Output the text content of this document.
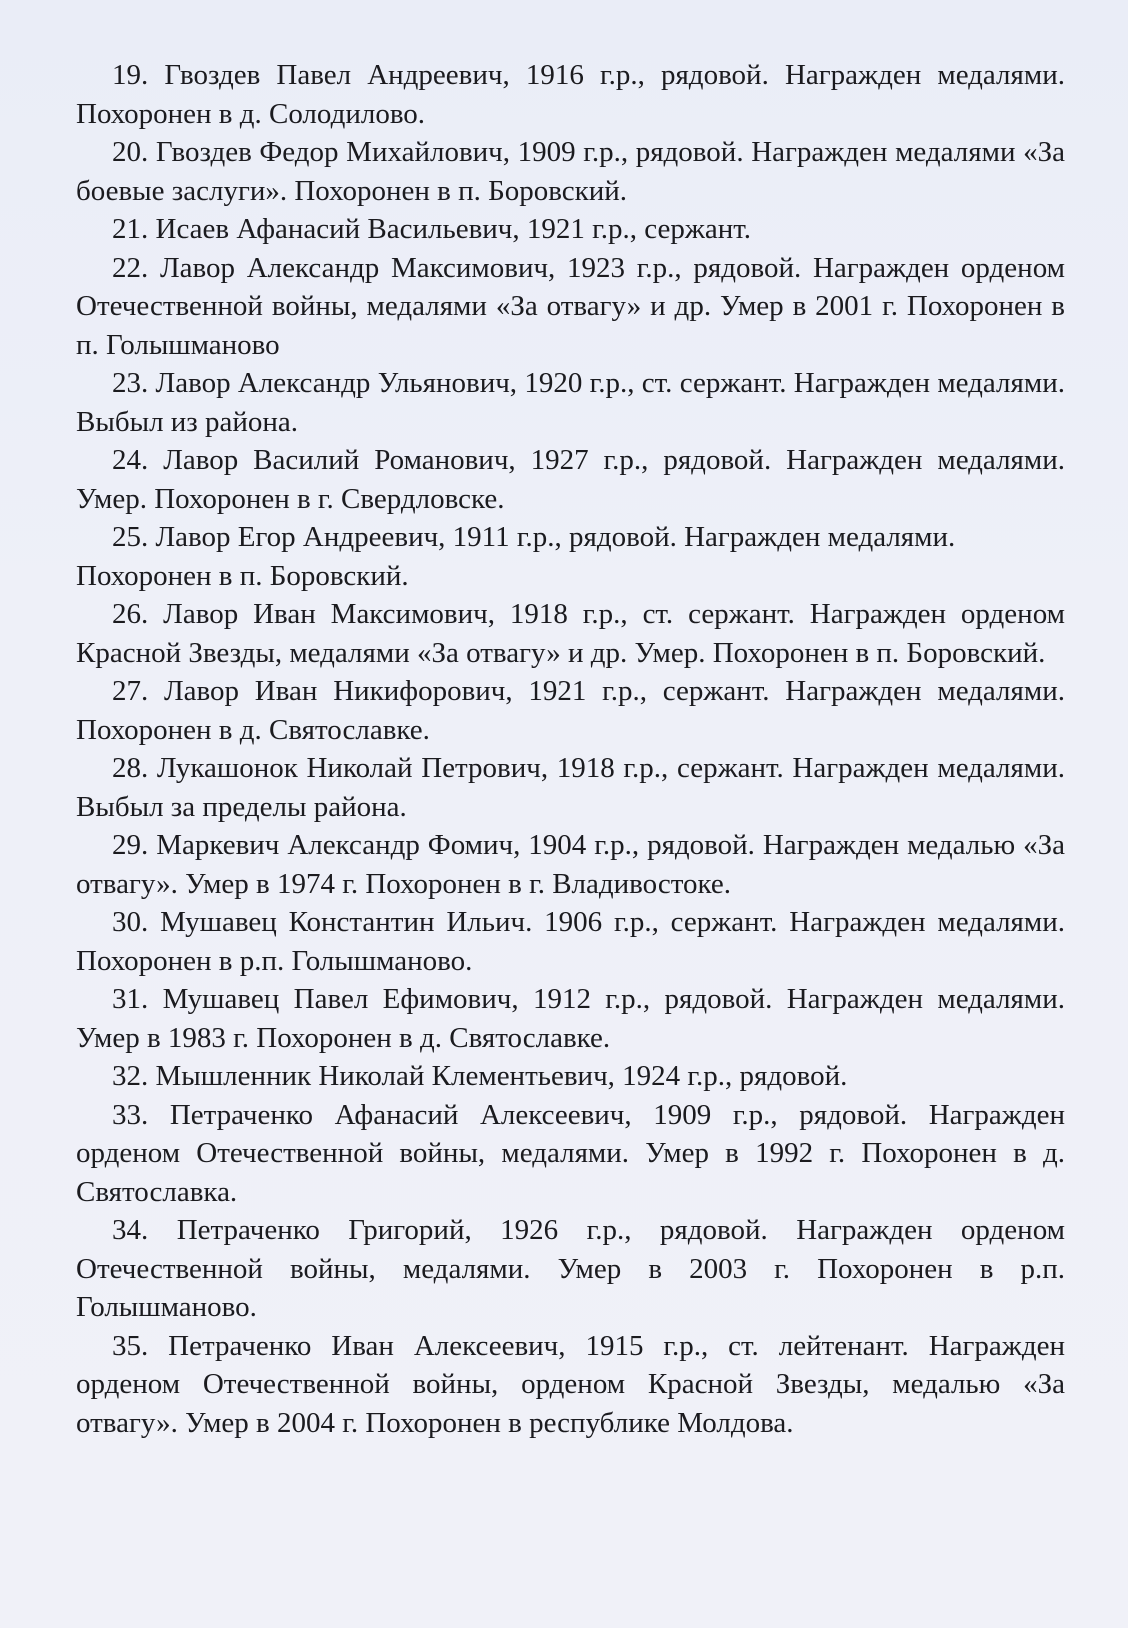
19. Гвоздев Павел Андреевич, 1916 г.р., рядовой. Награжден медалями. Похоронен в д. Солодилово.

20. Гвоздев Федор Михайлович, 1909 г.р., рядовой. Награжден медалями «За боевые заслуги». Похоронен в п. Боровский.

21. Исаев Афанасий Васильевич, 1921 г.р., сержант.

22. Лавор Александр Максимович, 1923 г.р., рядовой. Награжден орденом Отечественной войны, медалями «За отвагу» и др. Умер в 2001 г. Похоронен в п. Голышманово

23. Лавор Александр Ульянович, 1920 г.р., ст. сержант. Награжден медалями. Выбыл из района.

24. Лавор Василий Романович, 1927 г.р., рядовой. Награжден медалями. Умер. Похоронен в г. Свердловске.

25. Лавор Егор Андреевич, 1911 г.р., рядовой. Награжден медалями. Похоронен в п. Боровский.

26. Лавор Иван Максимович, 1918 г.р., ст. сержант. Награжден орденом Красной Звезды, медалями «За отвагу» и др. Умер. Похоронен в п. Боровский.

27. Лавор Иван Никифорович, 1921 г.р., сержант. Награжден медалями. Похоронен в д. Святославке.

28. Лукашонок Николай Петрович, 1918 г.р., сержант. Награжден медалями. Выбыл за пределы района.

29. Маркевич Александр Фомич, 1904 г.р., рядовой. Награжден медалью «За отвагу». Умер в 1974 г. Похоронен в г. Владивостоке.

30. Мушавец Константин Ильич. 1906 г.р., сержант. Награжден медалями. Похоронен в р.п. Голышманово.

31. Мушавец Павел Ефимович, 1912 г.р., рядовой. Награжден медалями. Умер в 1983 г. Похоронен в д. Святославке.

32. Мышленник Николай Клементьевич, 1924 г.р., рядовой.

33. Петраченко Афанасий Алексеевич, 1909 г.р., рядовой. Награжден орденом Отечественной войны, медалями. Умер в 1992 г. Похоронен в д. Святославка.

34. Петраченко Григорий, 1926 г.р., рядовой. Награжден орденом Отечественной войны, медалями. Умер в 2003 г. Похоронен в р.п. Голышманово.

35. Петраченко Иван Алексеевич, 1915 г.р., ст. лейтенант. Награжден орденом Отечественной войны, орденом Красной Звезды, медалью «За отвагу». Умер в 2004 г. Похоронен в республике Молдова.
